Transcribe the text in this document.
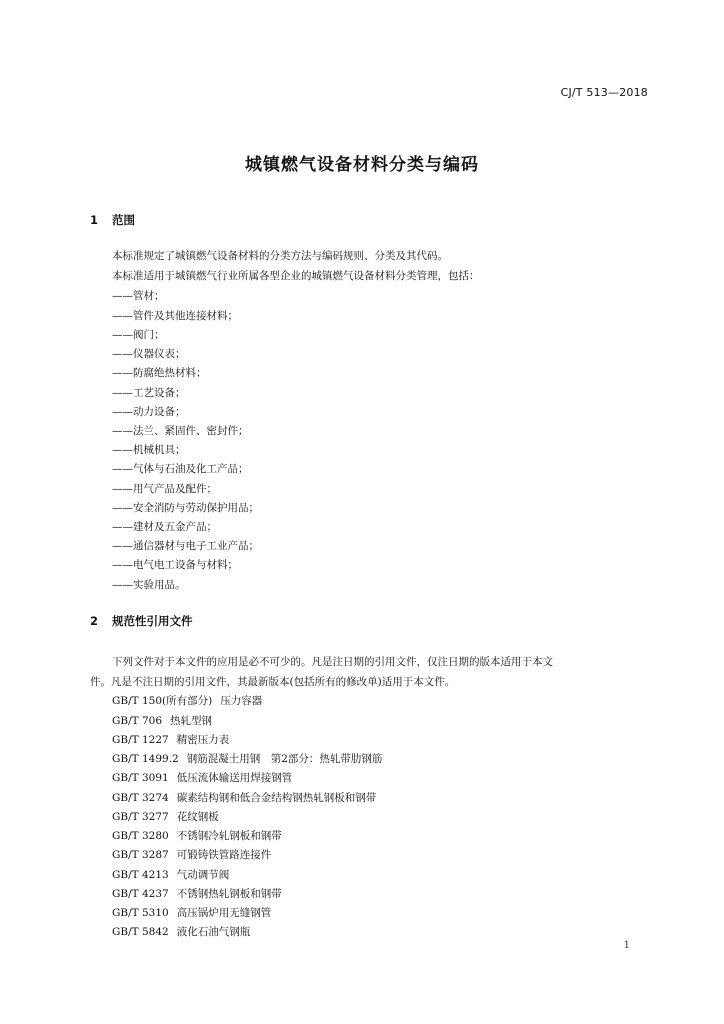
CJ/T 513—2018
城镇燃气设备材料分类与编码
1 范围
本标准规定了城镇燃气设备材料的分类方法与编码规则、分类及其代码。
本标准适用于城镇燃气行业所属各型企业的城镇燃气设备材料分类管理，包括：
——管材；
——管件及其他连接材料；
——阀门；
——仪器仪表；
——防腐绝热材料；
——工艺设备；
——动力设备；
——法兰、紧固件、密封件；
——机械机具；
——气体与石油及化工产品；
——用气产品及配件；
——安全消防与劳动保护用品；
——建材及五金产品；
——通信器材与电子工业产品；
——电气电工设备与材料；
——实验用品。
2 规范性引用文件
下列文件对于本文件的应用是必不可少的。凡是注日期的引用文件，仅注日期的版本适用于本文
件。凡是不注日期的引用文件，其最新版本(包括所有的修改单)适用于本文件。
GB/T 150(所有部分) 压力容器
GB/T 706 热轧型钢
GB/T 1227 精密压力表
GB/T 1499.2 钢筋混凝土用钢　第2部分：热轧带肋钢筋
GB/T 3091 低压流体输送用焊接钢管
GB/T 3274 碳素结构钢和低合金结构钢热轧钢板和钢带
GB/T 3277 花纹钢板
GB/T 3280 不锈钢冷轧钢板和钢带
GB/T 3287 可锻铸铁管路连接件
GB/T 4213 气动调节阀
GB/T 4237 不锈钢热轧钢板和钢带
GB/T 5310 高压锅炉用无缝钢管
GB/T 5842 液化石油气钢瓶
1
